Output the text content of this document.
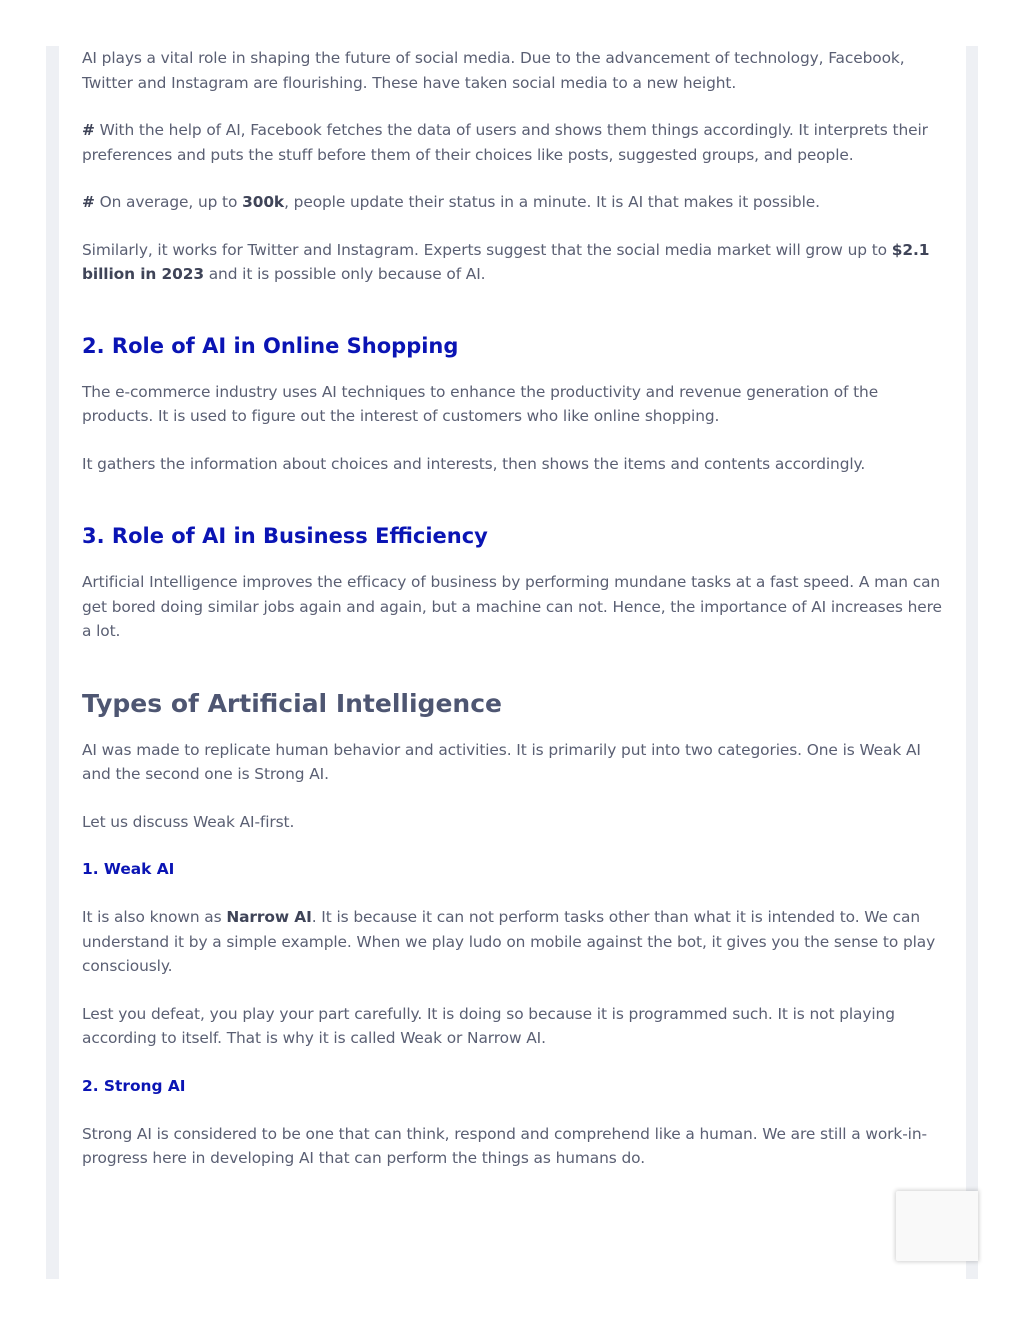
AI plays a vital role in shaping the future of social media. Due to the advancement of technology, Facebook, Twitter and Instagram are flourishing. These have taken social media to a new height.

# With the help of AI, Facebook fetches the data of users and shows them things accordingly. It interprets their preferences and puts the stuff before them of their choices like posts, suggested groups, and people.

# On average, up to 300k, people update their status in a minute. It is AI that makes it possible.

Similarly, it works for Twitter and Instagram. Experts suggest that the social media market will grow up to $2.1 billion in 2023 and it is possible only because of AI.

2. Role of AI in Online Shopping

The e-commerce industry uses AI techniques to enhance the productivity and revenue generation of the products. It is used to figure out the interest of customers who like online shopping.

It gathers the information about choices and interests, then shows the items and contents accordingly.

3. Role of AI in Business Efficiency

Artificial Intelligence improves the efficacy of business by performing mundane tasks at a fast speed. A man can get bored doing similar jobs again and again, but a machine can not. Hence, the importance of AI increases here a lot.

Types of Artificial Intelligence

AI was made to replicate human behavior and activities. It is primarily put into two categories. One is Weak AI and the second one is Strong AI.

Let us discuss Weak AI-first.

1. Weak AI

It is also known as Narrow AI. It is because it can not perform tasks other than what it is intended to. We can understand it by a simple example. When we play ludo on mobile against the bot, it gives you the sense to play consciously.

Lest you defeat, you play your part carefully. It is doing so because it is programmed such. It is not playing according to itself. That is why it is called Weak or Narrow AI.

2. Strong AI

Strong AI is considered to be one that can think, respond and comprehend like a human. We are still a work-in-progress here in developing AI that can perform the things as humans do.
